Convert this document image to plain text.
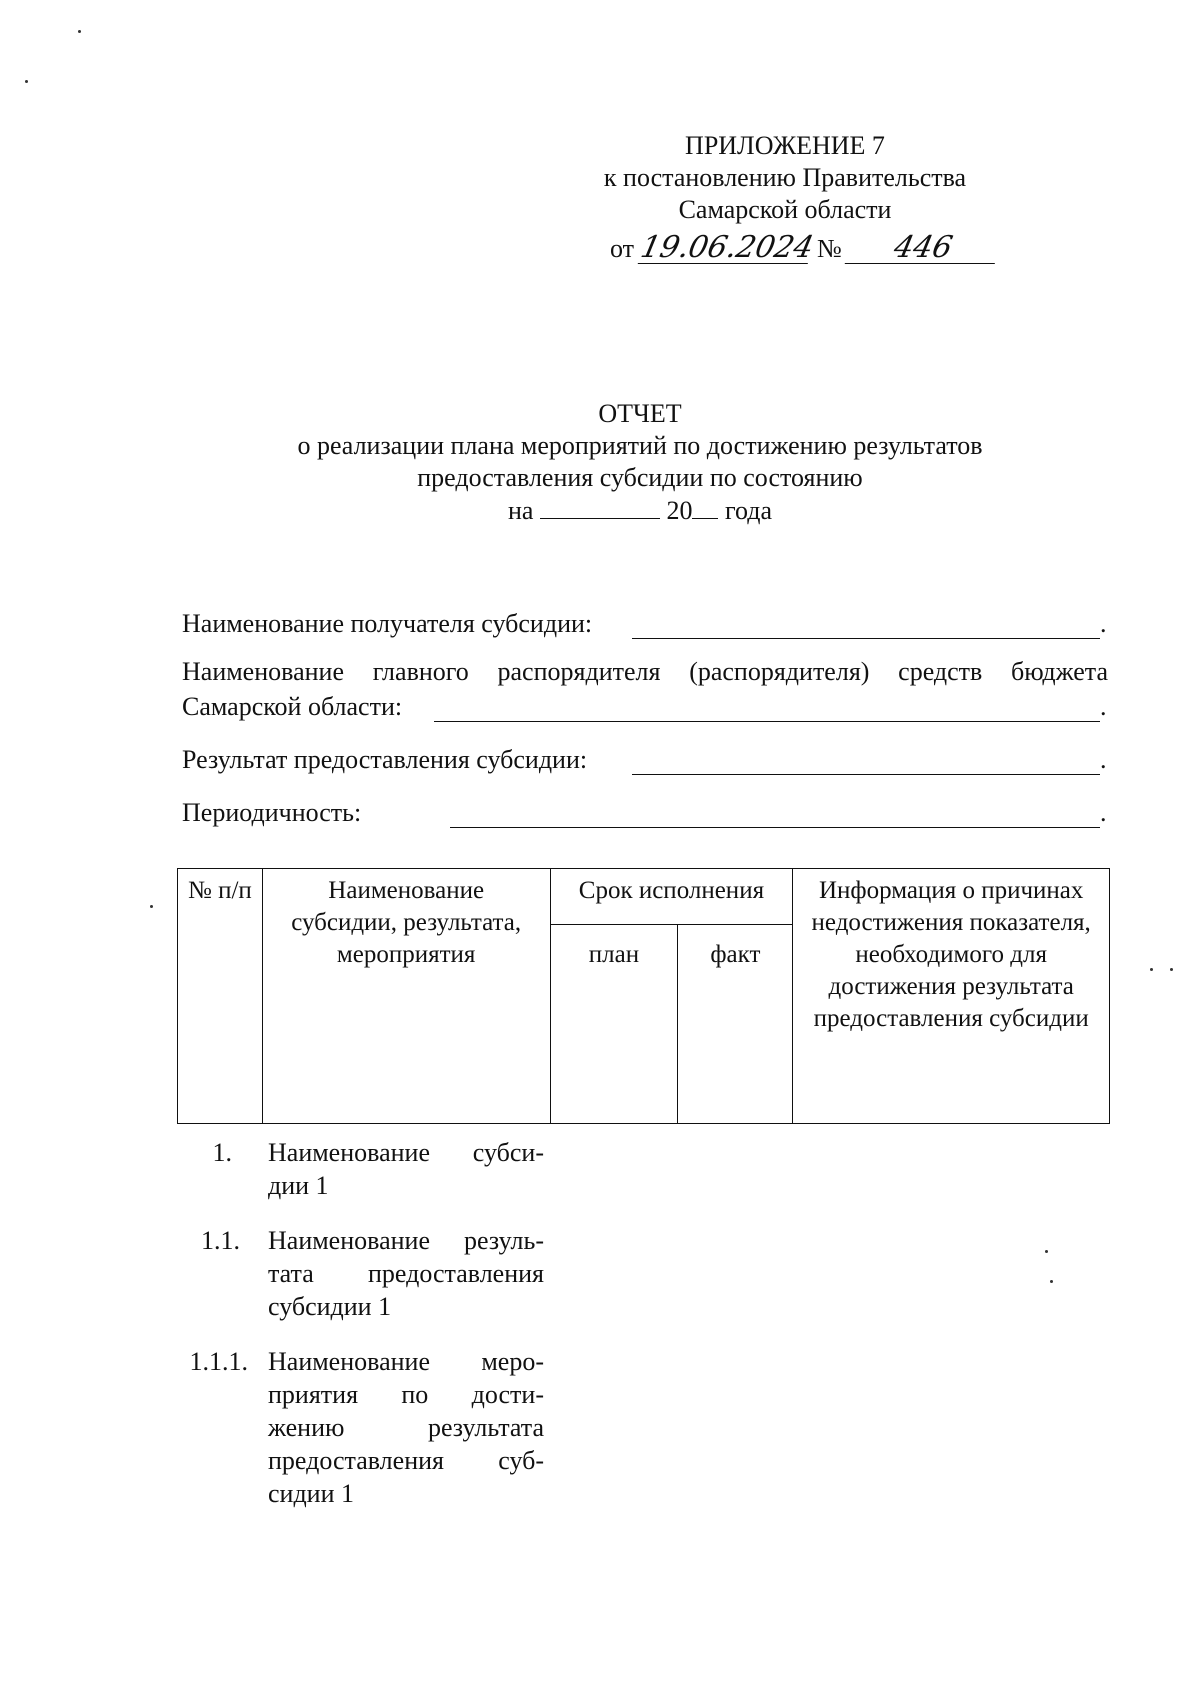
ПРИЛОЖЕНИЕ 7
к постановлению Правительства
Самарской области
от 19.06.2024 № 446
ОТЧЕТ
о реализации плана мероприятий по достижению результатов
предоставления субсидии по состоянию
на	20 года
Наименование получателя субсидии:	.
Наименование главного распорядителя (распорядителя) средств бюджета
Самарской области:	.
Результат предоставления субсидии:	.
Периодичность:	.
№ п/п	Наименование субсидии, результата, мероприятия	Срок исполнения		Информация о причинах недостижения показателя, необходимого для достижения результата предоставления субсидии
		план	факт	
1. Наименование субси-
дии 1
1.1. Наименование резуль-
тата предоставления
субсидии 1
1.1.1. Наименование меро-
приятия по дости-
жению результата
предоставления суб-
сидии 1
